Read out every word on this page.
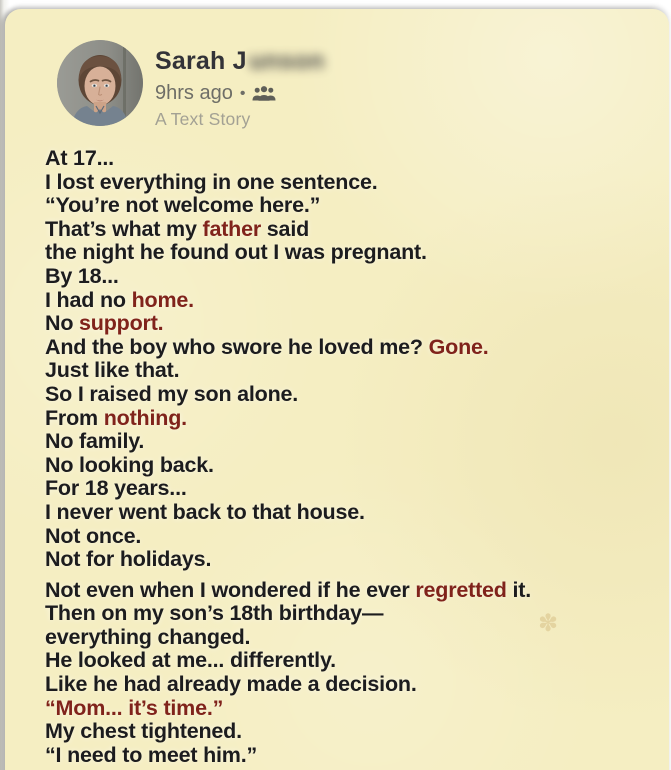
Sarah J unson
9hrs ago •
A Text Story
At 17...
I lost everything in one sentence.
“You’re not welcome here.”
That’s what my father said
the night he found out I was pregnant.
By 18...
I had no home.
No support.
And the boy who swore he loved me? Gone.
Just like that.
So I raised my son alone.
From nothing.
No family.
No looking back.
For 18 years...
I never went back to that house.
Not once.
Not for holidays.
Not even when I wondered if he ever regretted it.
Then on my son’s 18th birthday—
everything changed.
He looked at me... differently.
Like he had already made a decision.
“Mom... it’s time.”
My chest tightened.
“I need to meet him.”
✽
